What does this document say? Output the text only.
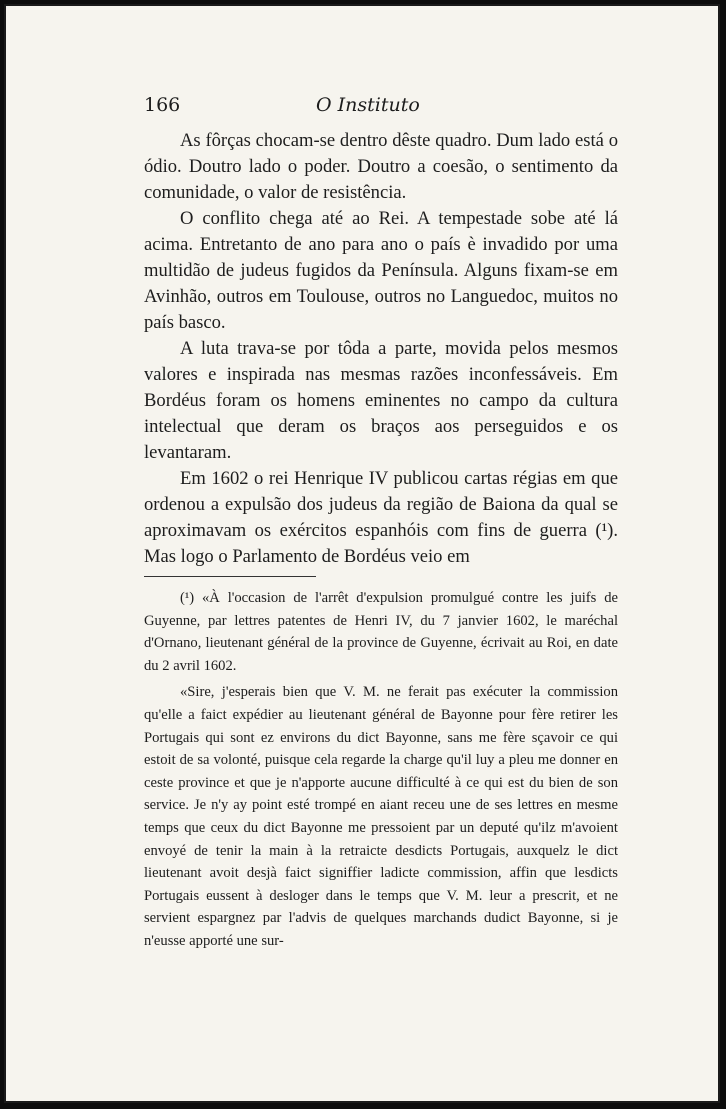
166	O Instituto

As fôrças chocam-se dentro dêste quadro. Dum lado está o ódio. Doutro lado o poder. Doutro a coesão, o sentimento da comunidade, o valor de resistência.

O conflito chega até ao Rei. A tempestade sobe até lá acima. Entretanto de ano para ano o país è invadido por uma multidão de judeus fugidos da Península. Alguns fixam-se em Avinhão, outros em Toulouse, outros no Languedoc, muitos no país basco.

A luta trava-se por tôda a parte, movida pelos mesmos valores e inspirada nas mesmas razões inconfessáveis. Em Bordéus foram os homens eminentes no campo da cultura intelectual que deram os braços aos perseguidos e os levantaram.

Em 1602 o rei Henrique IV publicou cartas régias em que ordenou a expulsão dos judeus da região de Baiona da qual se aproximavam os exércitos espanhóis com fins de guerra (¹). Mas logo o Parlamento de Bordéus veio em

(¹) «À l'occasion de l'arrêt d'expulsion promulgué contre les juifs de Guyenne, par lettres patentes de Henri IV, du 7 janvier 1602, le maréchal d'Ornano, lieutenant général de la province de Guyenne, écrivait au Roi, en date du 2 avril 1602.

«Sire, j'esperais bien que V. M. ne ferait pas exécuter la commission qu'elle a faict expédier au lieutenant général de Bayonne pour fère retirer les Portugais qui sont ez environs du dict Bayonne, sans me fère sçavoir ce qui estoit de sa volonté, puisque cela regarde la charge qu'il luy a pleu me donner en ceste province et que je n'apporte aucune difficulté à ce qui est du bien de son service. Je n'y ay point esté trompé en aiant receu une de ses lettres en mesme temps que ceux du dict Bayonne me pressoient par un deputé qu'ilz m'avoient envoyé de tenir la main à la retraicte desdicts Portugais, auxquelz le dict lieutenant avoit desjà faict signiffier ladicte commission, affin que lesdicts Portugais eussent à desloger dans le temps que V. M. leur a prescrit, et ne servient espargnez par l'advis de quelques marchands dudict Bayonne, si je n'eusse apporté une sur-
